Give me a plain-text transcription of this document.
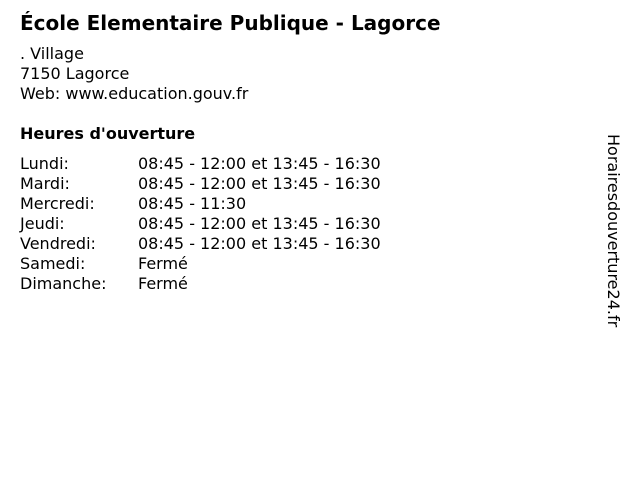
École Elementaire Publique - Lagorce
. Village
7150 Lagorce
Web: www.education.gouv.fr
Heures d'ouverture
Lundi:	08:45 - 12:00 et 13:45 - 16:30
Mardi:	08:45 - 12:00 et 13:45 - 16:30
Mercredi:	08:45 - 11:30
Jeudi:	08:45 - 12:00 et 13:45 - 16:30
Vendredi:	08:45 - 12:00 et 13:45 - 16:30
Samedi:	Fermé
Dimanche:	Fermé	Horairesdouverture24.fr
